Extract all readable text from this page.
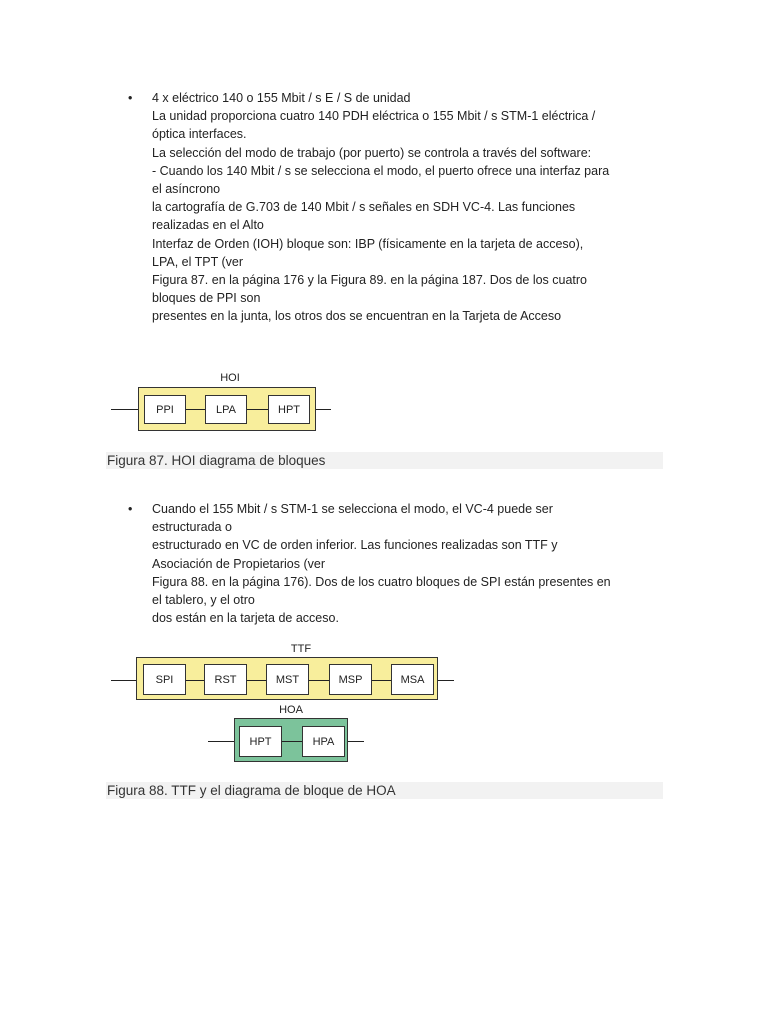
•	4 x eléctrico 140 o 155 Mbit / s E / S de unidad
La unidad proporciona cuatro 140 PDH eléctrica o 155 Mbit / s STM-1 eléctrica /
óptica interfaces.
La selección del modo de trabajo (por puerto) se controla a través del software:
- Cuando los 140 Mbit / s se selecciona el modo, el puerto ofrece una interfaz para
el asíncrono
la cartografía de G.703 de 140 Mbit / s señales en SDH VC-4. Las funciones
realizadas en el Alto
Interfaz de Orden (IOH) bloque son: IBP (físicamente en la tarjeta de acceso),
LPA, el TPT (ver
Figura 87. en la página 176 y la Figura 89. en la página 187. Dos de los cuatro
bloques de PPI son
presentes en la junta, los otros dos se encuentran en la Tarjeta de Acceso
HOI
PPI	LPA	HPT
Figura 87. HOI diagrama de bloques
•	Cuando el 155 Mbit / s STM-1 se selecciona el modo, el VC-4 puede ser
estructurada o
estructurado en VC de orden inferior. Las funciones realizadas son TTF y
Asociación de Propietarios (ver
Figura 88. en la página 176). Dos de los cuatro bloques de SPI están presentes en
el tablero, y el otro
dos están en la tarjeta de acceso.
TTF
SPI	RST	MST	MSP	MSA
HOA
HPT	HPA
Figura 88. TTF y el diagrama de bloque de HOA
